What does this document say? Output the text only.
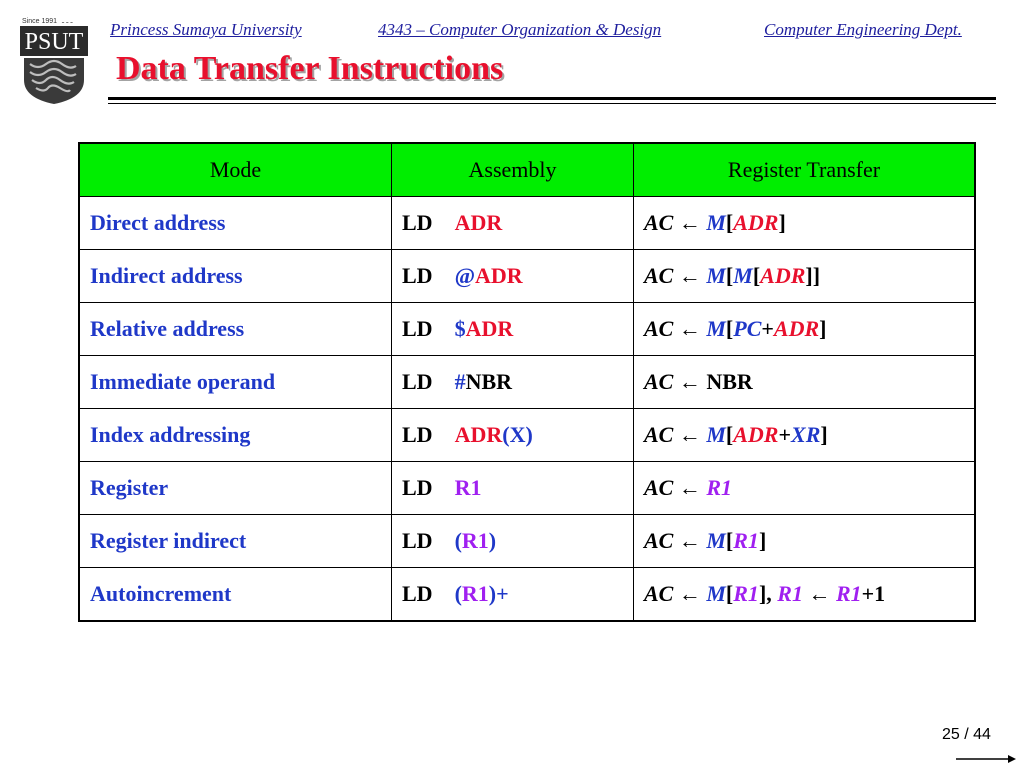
Since 1991 ـ ـ ـ
PSUT Princess Sumaya University	4343 – Computer Organization & Design	Computer Engineering Dept.
Data Transfer Instructions
Mode	Assembly	Register Transfer
Direct address	LD ADR	AC ← M[ADR]
Indirect address	LD @ADR	AC ← M[M[ADR]]
Relative address	LD $ADR	AC ← M[PC+ADR]
Immediate operand	LD #NBR	AC ← NBR
Index addressing	LD ADR(X)	AC ← M[ADR+XR]
Register	LD R1	AC ← R1
Register indirect	LD (R1)	AC ← M[R1]
Autoincrement	LD (R1)+	AC ← M[R1], R1 ← R1+1
25 / 44
